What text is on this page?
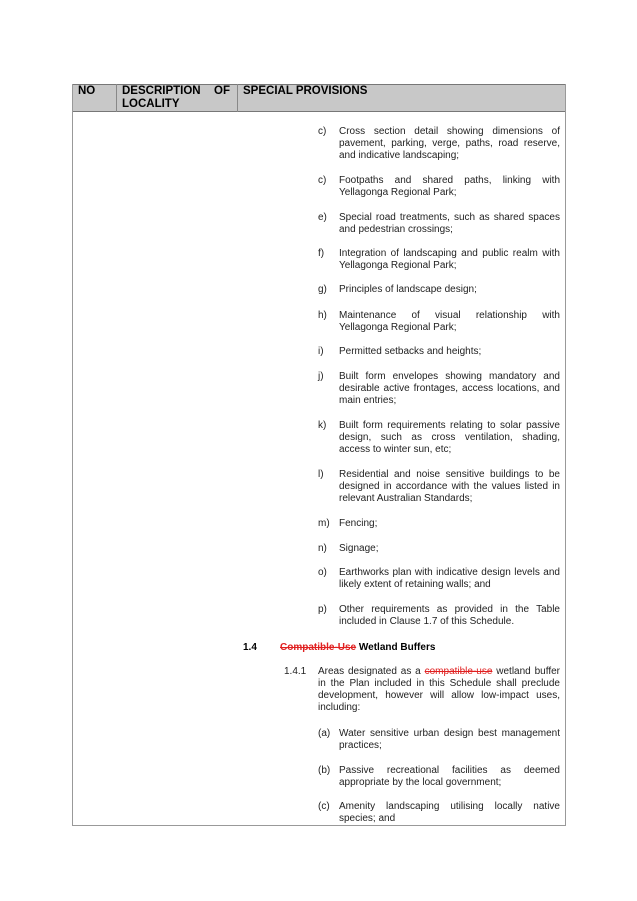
NO DESCRIPTION OF
LOCALITY
SPECIAL PROVISIONS
c) Cross section detail showing dimensions of pavement, parking, verge, paths, road reserve, and indicative landscaping;
c) Footpaths and shared paths, linking with Yellagonga Regional Park;
e) Special road treatments, such as shared spaces and pedestrian crossings;
f) Integration of landscaping and public realm with Yellagonga Regional Park;
g) Principles of landscape design;
h) Maintenance of visual relationship with Yellagonga Regional Park;
i) Permitted setbacks and heights;
j) Built form envelopes showing mandatory and desirable active frontages, access locations, and main entries;
k) Built form requirements relating to solar passive design, such as cross ventilation, shading, access to winter sun, etc;
l) Residential and noise sensitive buildings to be designed in accordance with the values listed in relevant Australian Standards;
m) Fencing;
n) Signage;
o) Earthworks plan with indicative design levels and likely extent of retaining walls; and
p) Other requirements as provided in the Table included in Clause 1.7 of this Schedule.
1.4 Compatible-Use Wetland Buffers
1.4.1 Areas designated as a compatible-use wetland buffer in the Plan included in this Schedule shall preclude development, however will allow low-impact uses, including:
(a) Water sensitive urban design best management practices;
(b) Passive recreational facilities as deemed appropriate by the local government;
(c) Amenity landscaping utilising locally native species; and
